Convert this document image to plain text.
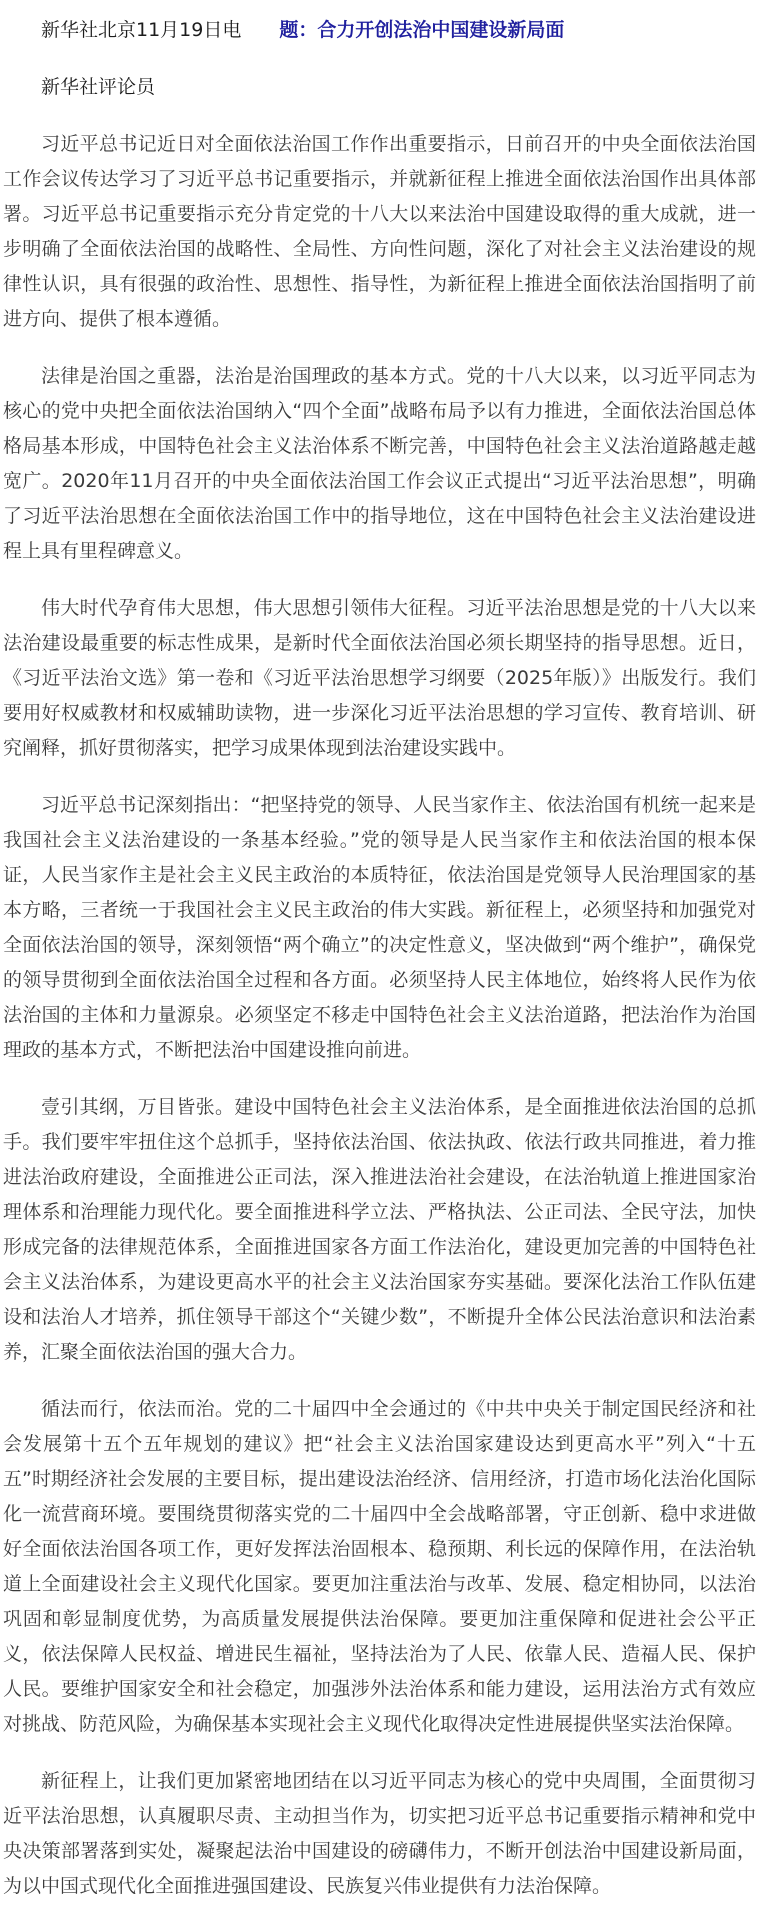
新华社北京11月19日电 题：合力开创法治中国建设新局面

新华社评论员

习近平总书记近日对全面依法治国工作作出重要指示，日前召开的中央全面依法治国工作会议传达学习了习近平总书记重要指示，并就新征程上推进全面依法治国作出具体部署。习近平总书记重要指示充分肯定党的十八大以来法治中国建设取得的重大成就，进一步明确了全面依法治国的战略性、全局性、方向性问题，深化了对社会主义法治建设的规律性认识，具有很强的政治性、思想性、指导性，为新征程上推进全面依法治国指明了前进方向、提供了根本遵循。

法律是治国之重器，法治是治国理政的基本方式。党的十八大以来，以习近平同志为核心的党中央把全面依法治国纳入“四个全面”战略布局予以有力推进，全面依法治国总体格局基本形成，中国特色社会主义法治体系不断完善，中国特色社会主义法治道路越走越宽广。2020年11月召开的中央全面依法治国工作会议正式提出“习近平法治思想”，明确了习近平法治思想在全面依法治国工作中的指导地位，这在中国特色社会主义法治建设进程上具有里程碑意义。

伟大时代孕育伟大思想，伟大思想引领伟大征程。习近平法治思想是党的十八大以来法治建设最重要的标志性成果，是新时代全面依法治国必须长期坚持的指导思想。近日，《习近平法治文选》第一卷和《习近平法治思想学习纲要（2025年版）》出版发行。我们要用好权威教材和权威辅助读物，进一步深化习近平法治思想的学习宣传、教育培训、研究阐释，抓好贯彻落实，把学习成果体现到法治建设实践中。

习近平总书记深刻指出：“把坚持党的领导、人民当家作主、依法治国有机统一起来是我国社会主义法治建设的一条基本经验。”党的领导是人民当家作主和依法治国的根本保证，人民当家作主是社会主义民主政治的本质特征，依法治国是党领导人民治理国家的基本方略，三者统一于我国社会主义民主政治的伟大实践。新征程上，必须坚持和加强党对全面依法治国的领导，深刻领悟“两个确立”的决定性意义，坚决做到“两个维护”，确保党的领导贯彻到全面依法治国全过程和各方面。必须坚持人民主体地位，始终将人民作为依法治国的主体和力量源泉。必须坚定不移走中国特色社会主义法治道路，把法治作为治国理政的基本方式，不断把法治中国建设推向前进。

壹引其纲，万目皆张。建设中国特色社会主义法治体系，是全面推进依法治国的总抓手。我们要牢牢扭住这个总抓手，坚持依法治国、依法执政、依法行政共同推进，着力推进法治政府建设，全面推进公正司法，深入推进法治社会建设，在法治轨道上推进国家治理体系和治理能力现代化。要全面推进科学立法、严格执法、公正司法、全民守法，加快形成完备的法律规范体系，全面推进国家各方面工作法治化，建设更加完善的中国特色社会主义法治体系，为建设更高水平的社会主义法治国家夯实基础。要深化法治工作队伍建设和法治人才培养，抓住领导干部这个“关键少数”，不断提升全体公民法治意识和法治素养，汇聚全面依法治国的强大合力。

循法而行，依法而治。党的二十届四中全会通过的《中共中央关于制定国民经济和社会发展第十五个五年规划的建议》把“社会主义法治国家建设达到更高水平”列入“十五五”时期经济社会发展的主要目标，提出建设法治经济、信用经济，打造市场化法治化国际化一流营商环境。要围绕贯彻落实党的二十届四中全会战略部署，守正创新、稳中求进做好全面依法治国各项工作，更好发挥法治固根本、稳预期、利长远的保障作用，在法治轨道上全面建设社会主义现代化国家。要更加注重法治与改革、发展、稳定相协同，以法治巩固和彰显制度优势，为高质量发展提供法治保障。要更加注重保障和促进社会公平正义，依法保障人民权益、增进民生福祉，坚持法治为了人民、依靠人民、造福人民、保护人民。要维护国家安全和社会稳定，加强涉外法治体系和能力建设，运用法治方式有效应对挑战、防范风险，为确保基本实现社会主义现代化取得决定性进展提供坚实法治保障。

新征程上，让我们更加紧密地团结在以习近平同志为核心的党中央周围，全面贯彻习近平法治思想，认真履职尽责、主动担当作为，切实把习近平总书记重要指示精神和党中央决策部署落到实处，凝聚起法治中国建设的磅礴伟力，不断开创法治中国建设新局面，为以中国式现代化全面推进强国建设、民族复兴伟业提供有力法治保障。
